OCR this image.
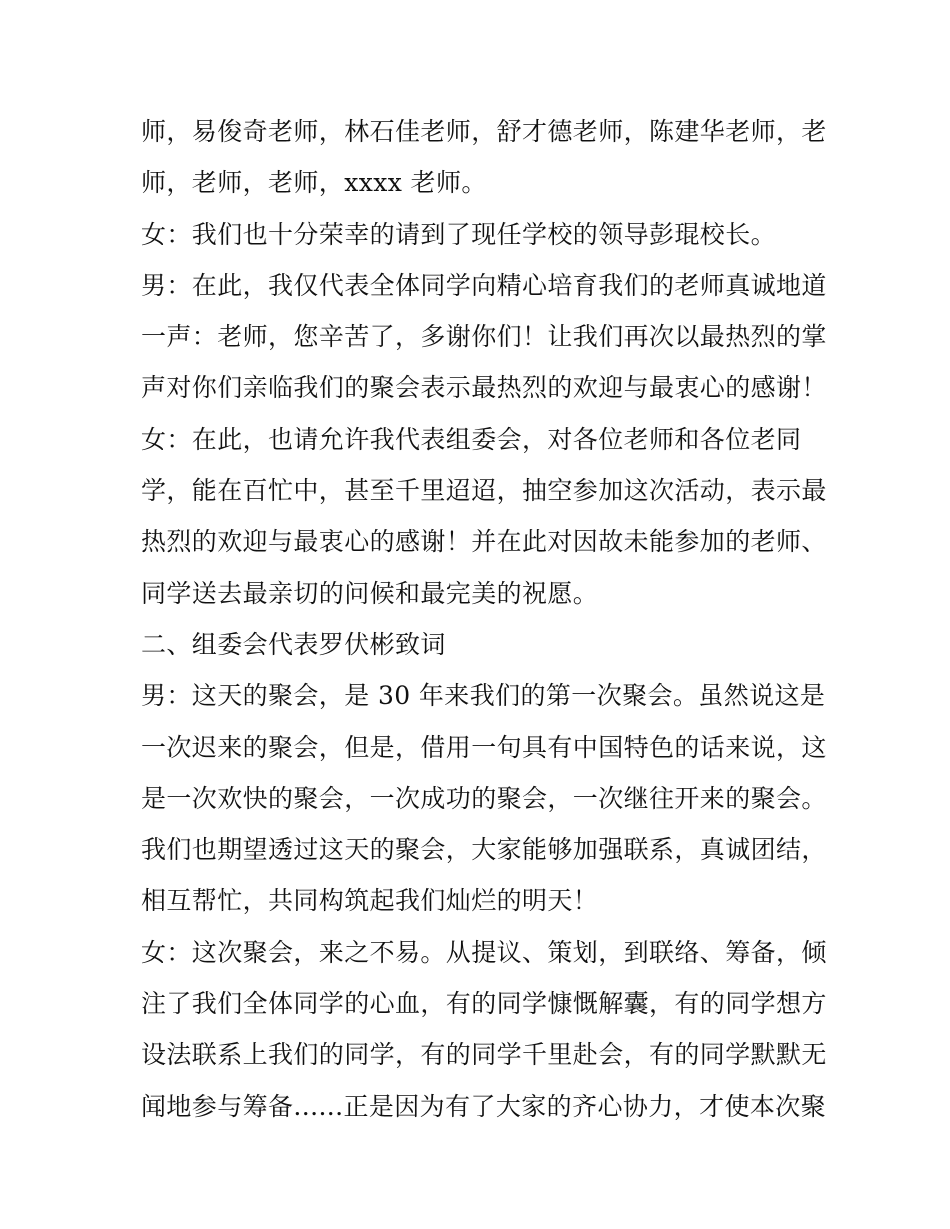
师，易俊奇老师，林石佳老师，舒才德老师，陈建华老师，老
师，老师，老师，xxxx 老师。
女：我们也十分荣幸的请到了现任学校的领导彭琨校长。
男：在此，我仅代表全体同学向精心培育我们的老师真诚地道
一声：老师，您辛苦了，多谢你们！让我们再次以最热烈的掌
声对你们亲临我们的聚会表示最热烈的欢迎与最衷心的感谢！
女：在此，也请允许我代表组委会，对各位老师和各位老同
学，能在百忙中，甚至千里迢迢，抽空参加这次活动，表示最
热烈的欢迎与最衷心的感谢！并在此对因故未能参加的老师、
同学送去最亲切的问候和最完美的祝愿。
二、组委会代表罗伏彬致词
男：这天的聚会，是 30 年来我们的第一次聚会。虽然说这是
一次迟来的聚会，但是，借用一句具有中国特色的话来说，这
是一次欢快的聚会，一次成功的聚会，一次继往开来的聚会。
我们也期望透过这天的聚会，大家能够加强联系，真诚团结，
相互帮忙，共同构筑起我们灿烂的明天！
女：这次聚会，来之不易。从提议、策划，到联络、筹备，倾
注了我们全体同学的心血，有的同学慷慨解囊，有的同学想方
设法联系上我们的同学，有的同学千里赴会，有的同学默默无
闻地参与筹备......正是因为有了大家的齐心协力，才使本次聚
